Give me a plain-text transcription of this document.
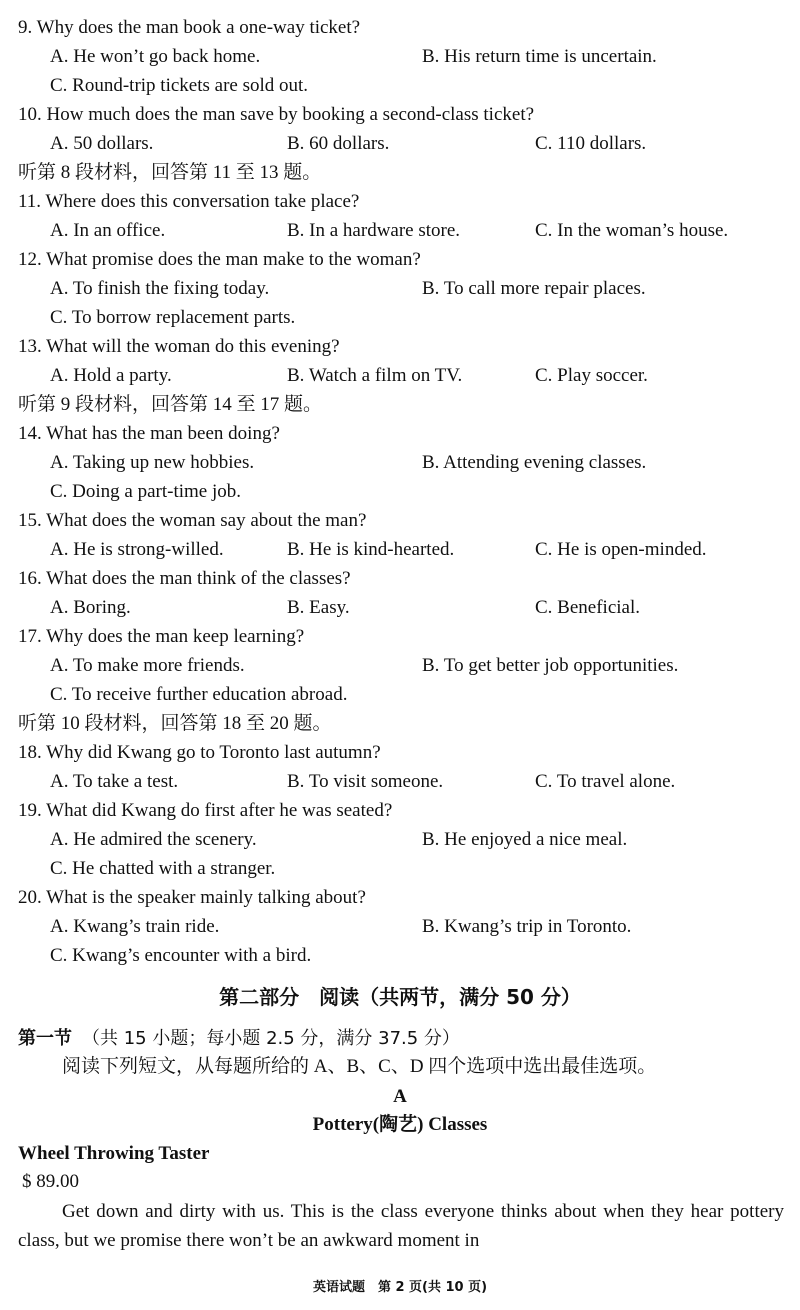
9. Why does the man book a one-way ticket?
A. He won’t go back home.	B. His return time is uncertain.
C. Round-trip tickets are sold out.
10. How much does the man save by booking a second-class ticket?
A. 50 dollars.	B. 60 dollars.	C. 110 dollars.
听第 8 段材料，回答第 11 至 13 题。
11. Where does this conversation take place?
A. In an office.	B. In a hardware store.	C. In the woman’s house.
12. What promise does the man make to the woman?
A. To finish the fixing today.	B. To call more repair places.
C. To borrow replacement parts.
13. What will the woman do this evening?
A. Hold a party.	B. Watch a film on TV.	C. Play soccer.
听第 9 段材料，回答第 14 至 17 题。
14. What has the man been doing?
A. Taking up new hobbies.	B. Attending evening classes.
C. Doing a part-time job.
15. What does the woman say about the man?
A. He is strong-willed.	B. He is kind-hearted.	C. He is open-minded.
16. What does the man think of the classes?
A. Boring.	B. Easy.	C. Beneficial.
17. Why does the man keep learning?
A. To make more friends.	B. To get better job opportunities.
C. To receive further education abroad.
听第 10 段材料，回答第 18 至 20 题。
18. Why did Kwang go to Toronto last autumn?
A. To take a test.	B. To visit someone.	C. To travel alone.
19. What did Kwang do first after he was seated?
A. He admired the scenery.	B. He enjoyed a nice meal.
C. He chatted with a stranger.
20. What is the speaker mainly talking about?
A. Kwang’s train ride.	B. Kwang’s trip in Toronto.
C. Kwang’s encounter with a bird.
第二部分　阅读（共两节，满分 50 分）
第一节 （共 15 小题；每小题 2.5 分，满分 37.5 分）
阅读下列短文，从每题所给的 A、B、C、D 四个选项中选出最佳选项。
A
Pottery(陶艺) Classes
Wheel Throwing Taster
$ 89.00
Get down and dirty with us. This is the class everyone thinks about when they hear pottery class, but we promise there won’t be an awkward moment in
英语试题　第 2 页(共 10 页)
